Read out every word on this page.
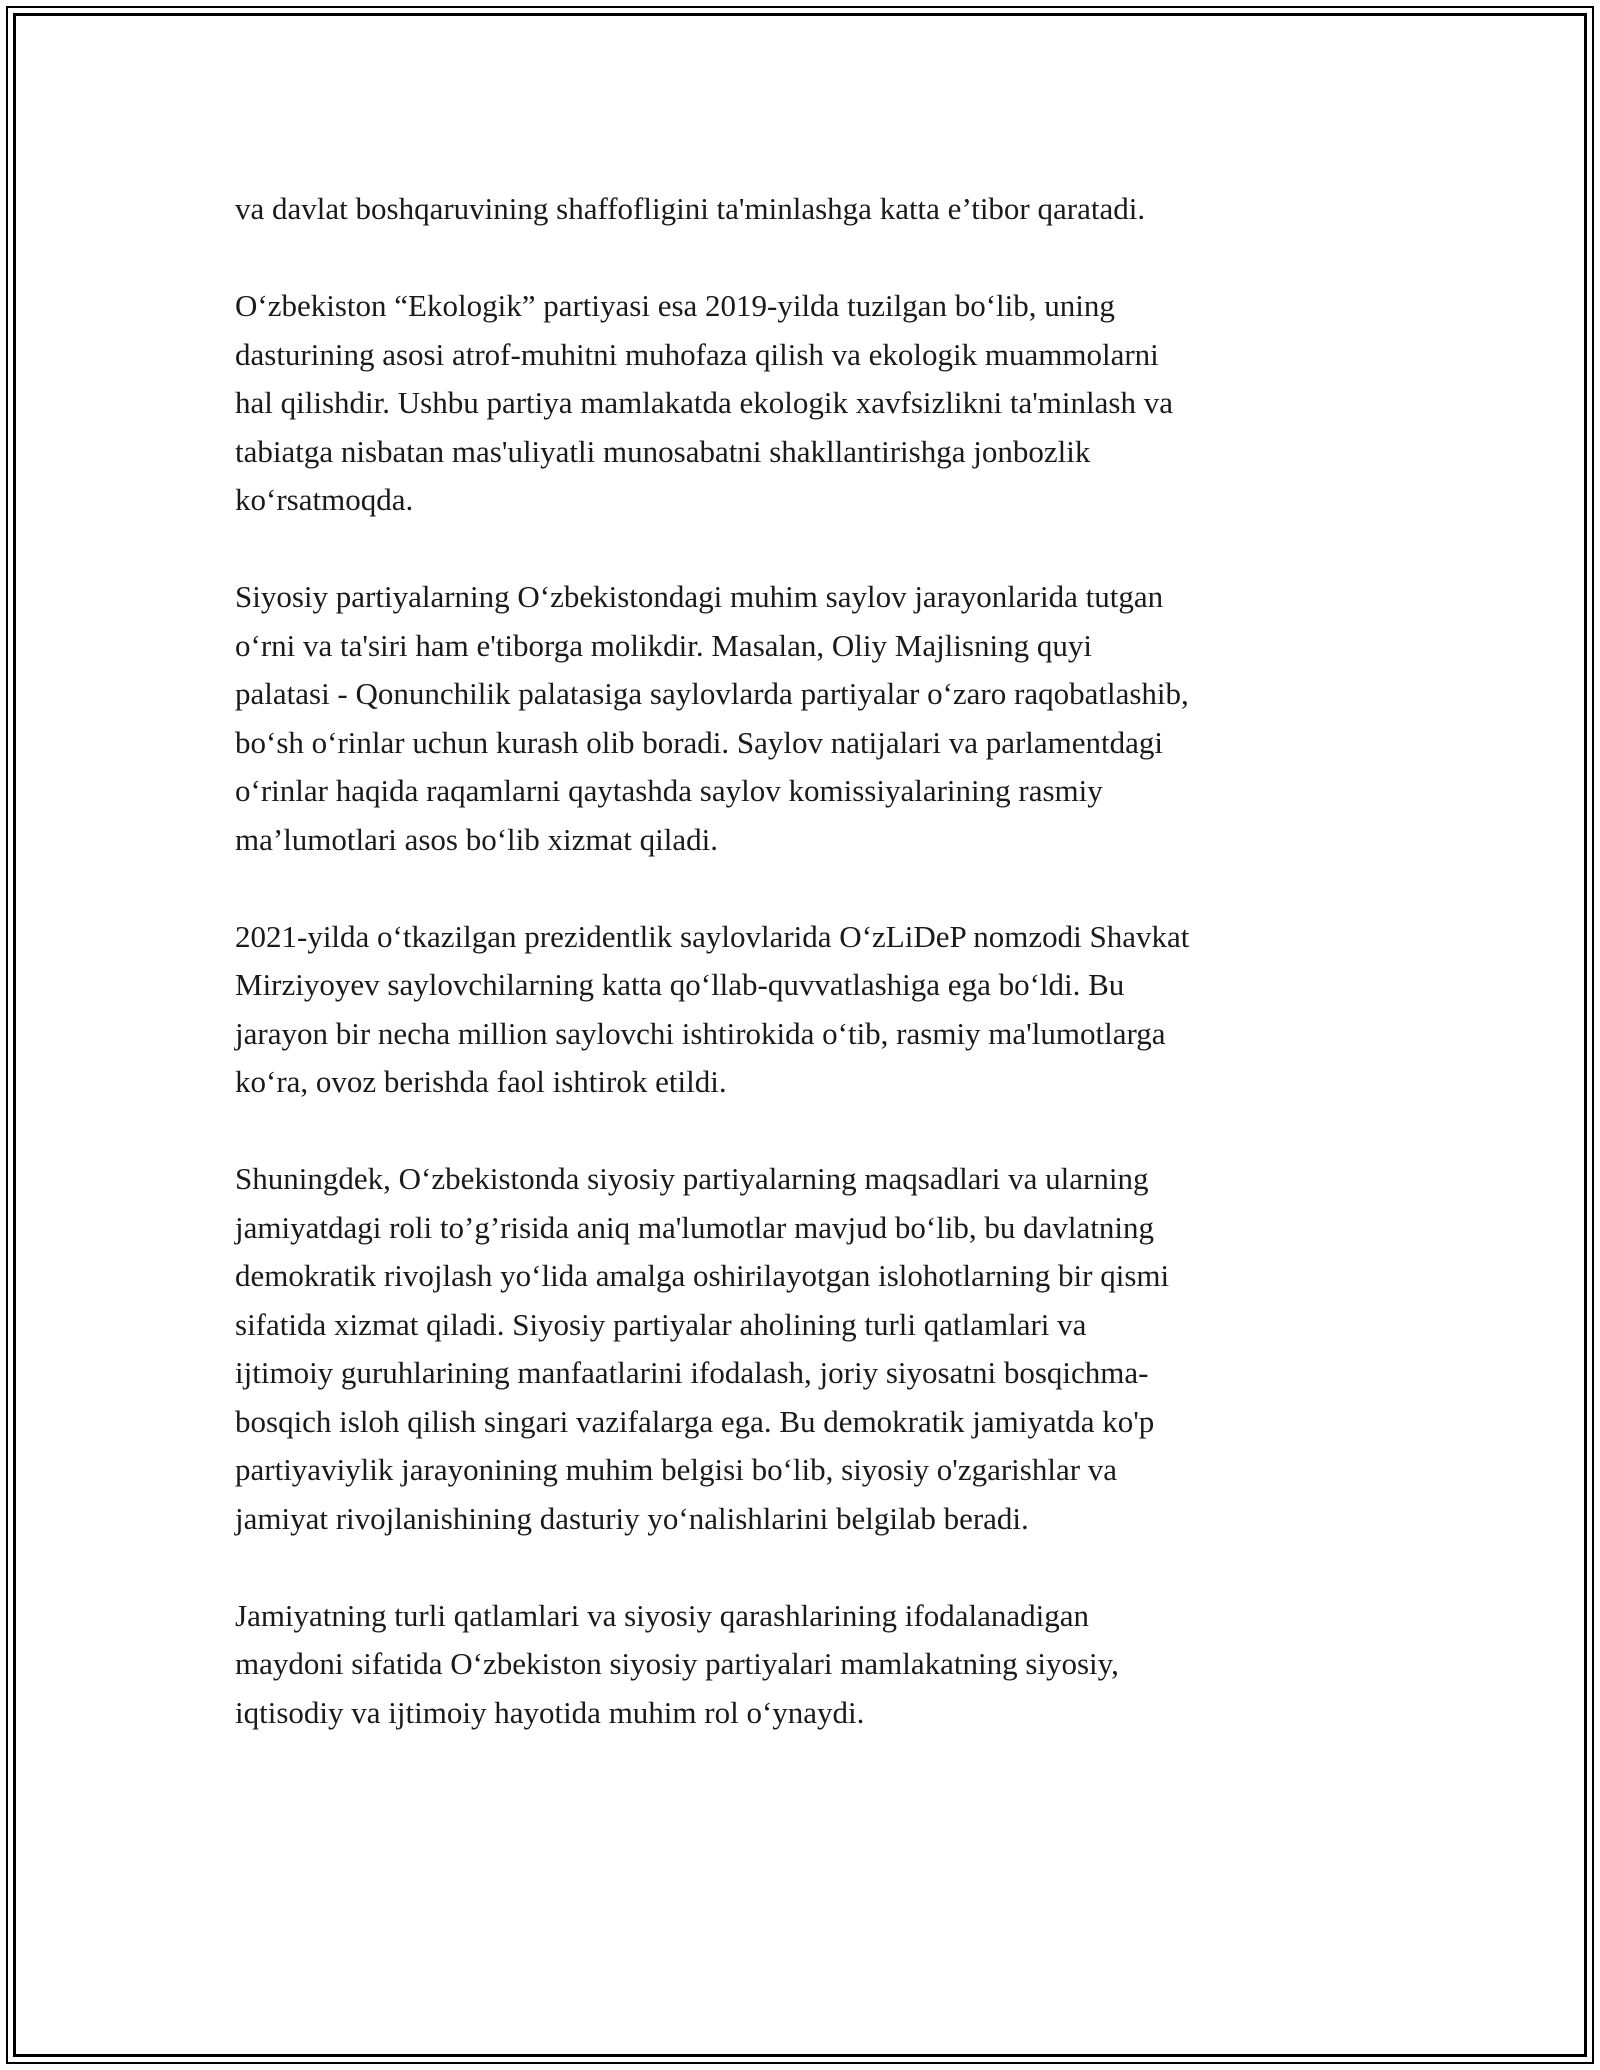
va davlat boshqaruvining shaffofligini ta'minlashga katta e’tibor qaratadi.

O‘zbekiston “Ekologik” partiyasi esa 2019-yilda tuzilgan bo‘lib, uning
dasturining asosi atrof-muhitni muhofaza qilish va ekologik muammolarni
hal qilishdir. Ushbu partiya mamlakatda ekologik xavfsizlikni ta'minlash va
tabiatga nisbatan mas'uliyatli munosabatni shakllantirishga jonbozlik
ko‘rsatmoqda.

Siyosiy partiyalarning O‘zbekistondagi muhim saylov jarayonlarida tutgan
o‘rni va ta'siri ham e'tiborga molikdir. Masalan, Oliy Majlisning quyi
palatasi - Qonunchilik palatasiga saylovlarda partiyalar o‘zaro raqobatlashib,
bo‘sh o‘rinlar uchun kurash olib boradi. Saylov natijalari va parlamentdagi
o‘rinlar haqida raqamlarni qaytashda saylov komissiyalarining rasmiy
ma’lumotlari asos bo‘lib xizmat qiladi.

2021-yilda o‘tkazilgan prezidentlik saylovlarida O‘zLiDeP nomzodi Shavkat
Mirziyoyev saylovchilarning katta qo‘llab-quvvatlashiga ega bo‘ldi. Bu
jarayon bir necha million saylovchi ishtirokida o‘tib, rasmiy ma'lumotlarga
ko‘ra, ovoz berishda faol ishtirok etildi.

Shuningdek, O‘zbekistonda siyosiy partiyalarning maqsadlari va ularning
jamiyatdagi roli to’g’risida aniq ma'lumotlar mavjud bo‘lib, bu davlatning
demokratik rivojlash yo‘lida amalga oshirilayotgan islohotlarning bir qismi
sifatida xizmat qiladi. Siyosiy partiyalar aholining turli qatlamlari va
ijtimoiy guruhlarining manfaatlarini ifodalash, joriy siyosatni bosqichma-
bosqich isloh qilish singari vazifalarga ega. Bu demokratik jamiyatda ko'p
partiyaviylik jarayonining muhim belgisi bo‘lib, siyosiy o'zgarishlar va
jamiyat rivojlanishining dasturiy yo‘nalishlarini belgilab beradi.

Jamiyatning turli qatlamlari va siyosiy qarashlarining ifodalanadigan
maydoni sifatida O‘zbekiston siyosiy partiyalari mamlakatning siyosiy,
iqtisodiy va ijtimoiy hayotida muhim rol o‘ynaydi.
